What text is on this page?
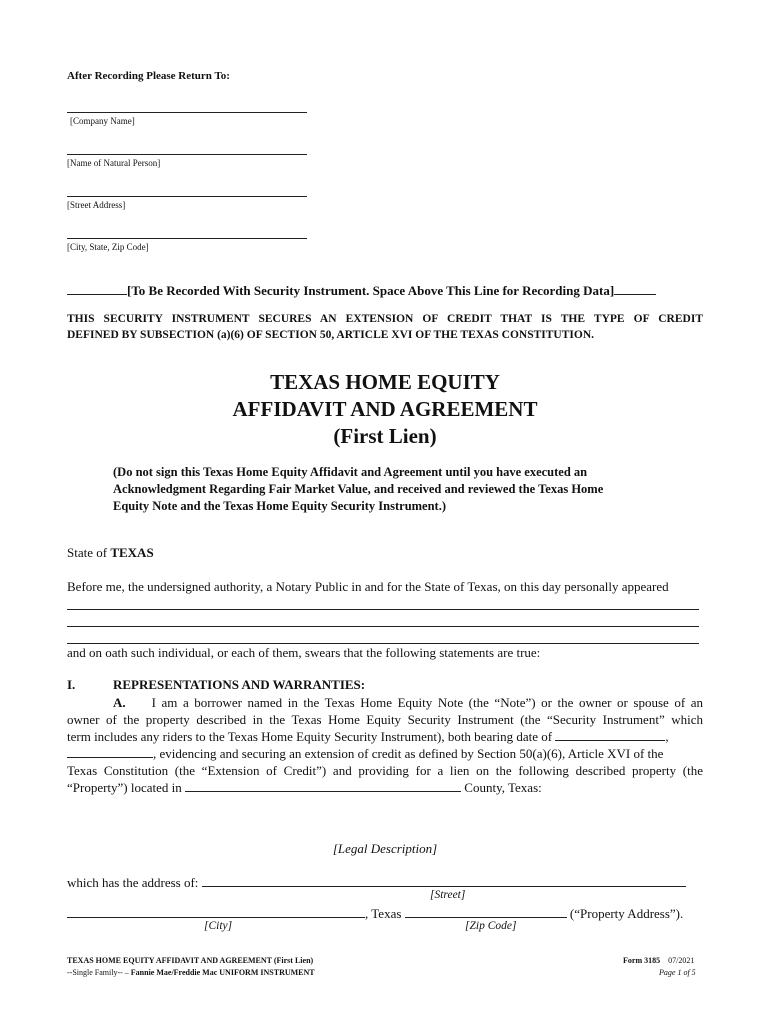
After Recording Please Return To:
[Company Name]
[Name of Natural Person]
[Street Address]
[City, State, Zip Code]
[To Be Recorded With Security Instrument. Space Above This Line for Recording Data]
THIS SECURITY INSTRUMENT SECURES AN EXTENSION OF CREDIT THAT IS THE TYPE OF CREDIT
DEFINED BY SUBSECTION (a)(6) OF SECTION 50, ARTICLE XVI OF THE TEXAS CONSTITUTION.
TEXAS HOME EQUITY
AFFIDAVIT AND AGREEMENT
(First Lien)
(Do not sign this Texas Home Equity Affidavit and Agreement until you have executed an
Acknowledgment Regarding Fair Market Value, and received and reviewed the Texas Home
Equity Note and the Texas Home Equity Security Instrument.)
State of TEXAS
Before me, the undersigned authority, a Notary Public in and for the State of Texas, on this day personally appeared
and on oath such individual, or each of them, swears that the following statements are true:
I.	REPRESENTATIONS AND WARRANTIES:
A. I am a borrower named in the Texas Home Equity Note (the “Note”) or the owner or spouse of an
owner of the property described in the Texas Home Equity Security Instrument (the “Security Instrument” which
term includes any riders to the Texas Home Equity Security Instrument), both bearing date of	,
, evidencing and securing an extension of credit as defined by Section 50(a)(6), Article XVI of the
Texas Constitution (the “Extension of Credit”) and providing for a lien on the following described property (the
“Property”) located in	County, Texas:
[Legal Description]
which has the address of:
[Street]
, Texas	(“Property Address”).
[City]	[Zip Code]
TEXAS HOME EQUITY AFFIDAVIT AND AGREEMENT (First Lien)
--Single Family-- – Fannie Mae/Freddie Mac UNIFORM INSTRUMENT
Form 3185 07/2021
Page 1 of 5
